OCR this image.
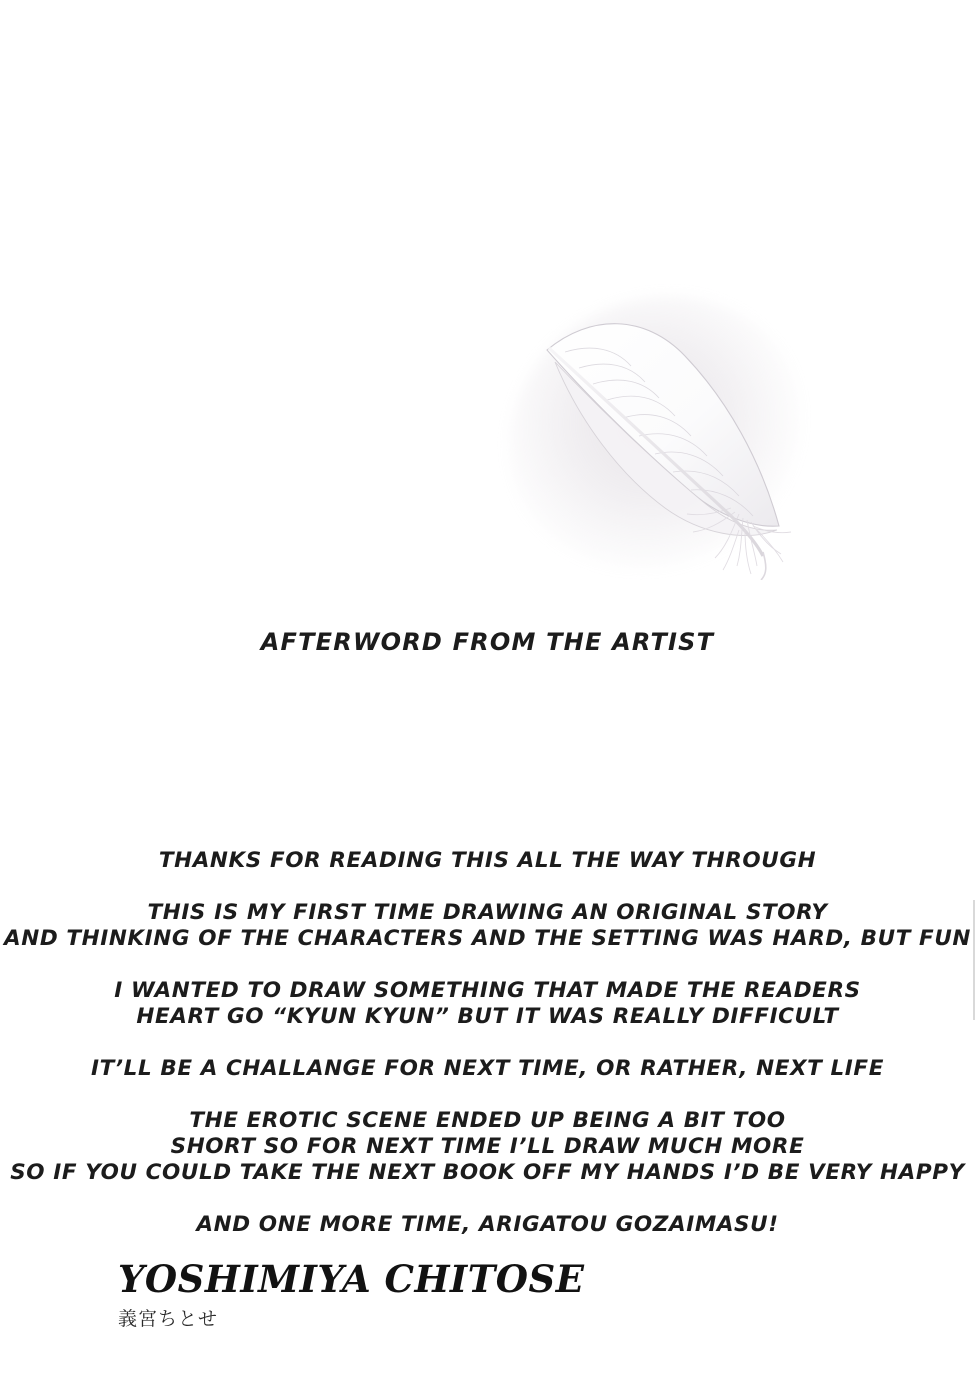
AFTERWORD FROM THE ARTIST
THANKS FOR READING THIS ALL THE WAY THROUGH
THIS IS MY FIRST TIME DRAWING AN ORIGINAL STORY
AND THINKING OF THE CHARACTERS AND THE SETTING WAS HARD, BUT FUN
I WANTED TO DRAW SOMETHING THAT MADE THE READERS
HEART GO “KYUN KYUN” BUT IT WAS REALLY DIFFICULT
IT’LL BE A CHALLANGE FOR NEXT TIME, OR RATHER, NEXT LIFE
THE EROTIC SCENE ENDED UP BEING A BIT TOO
SHORT SO FOR NEXT TIME I’LL DRAW MUCH MORE
SO IF YOU COULD TAKE THE NEXT BOOK OFF MY HANDS I’D BE VERY HAPPY
AND ONE MORE TIME, ARIGATOU GOZAIMASU!
YOSHIMIYA CHITOSE
義宮ちとせ
